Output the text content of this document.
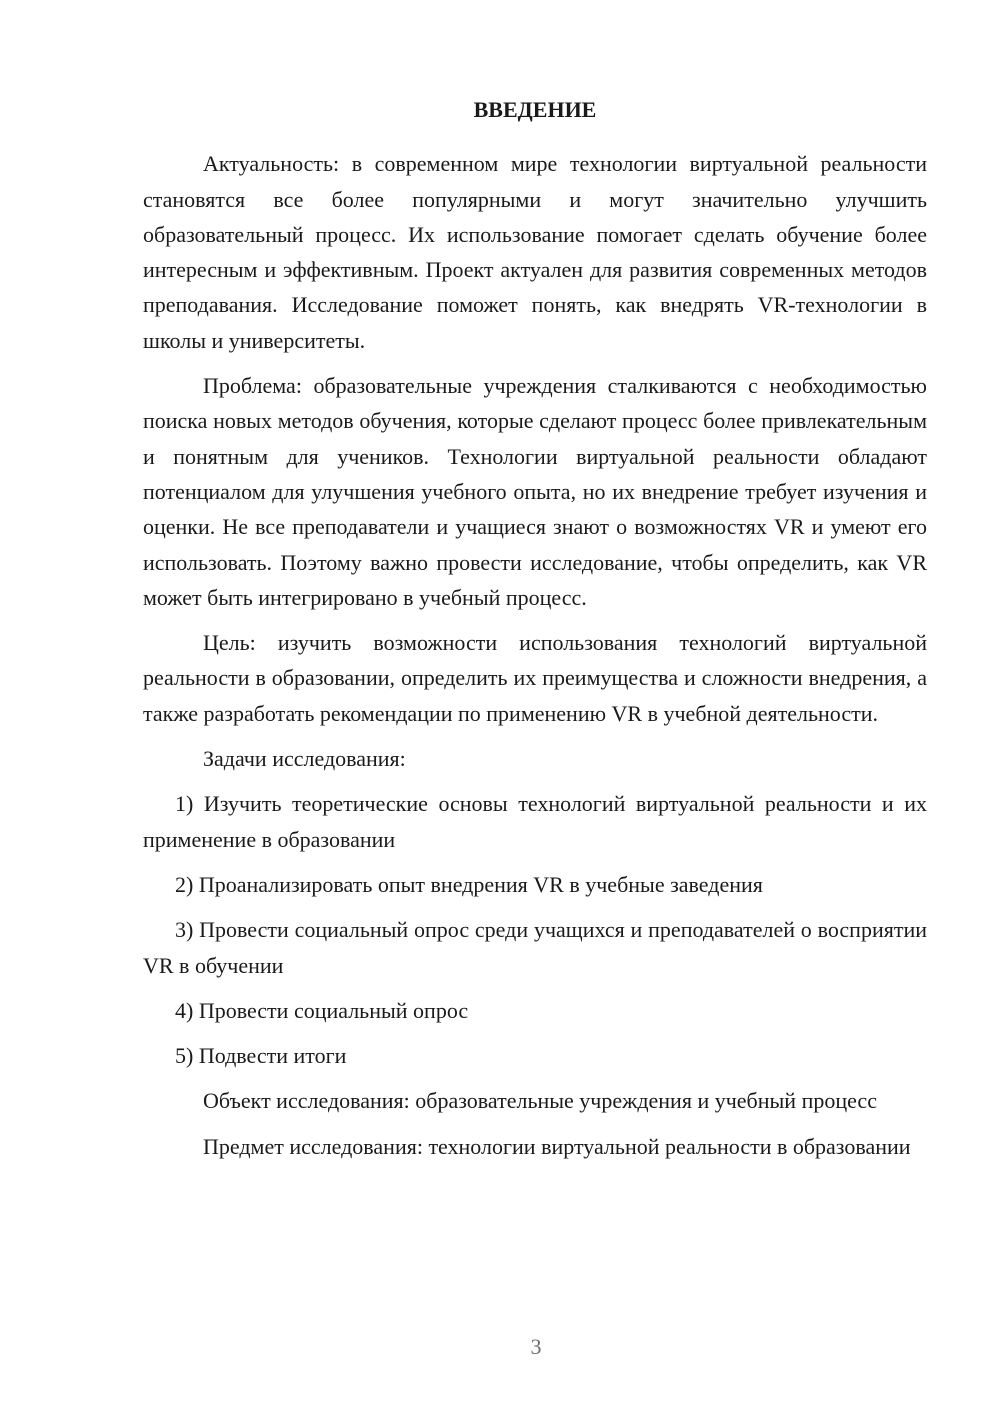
ВВЕДЕНИЕ

Актуальность: в современном мире технологии виртуальной реальности становятся все более популярными и могут значительно улучшить образовательный процесс. Их использование помогает сделать обучение более интересным и эффективным. Проект актуален для развития современных методов преподавания. Исследование поможет понять, как внедрять VR-технологии в школы и университеты.

Проблема: образовательные учреждения сталкиваются с необходимостью поиска новых методов обучения, которые сделают процесс более привлекательным и понятным для учеников. Технологии виртуальной реальности обладают потенциалом для улучшения учебного опыта, но их внедрение требует изучения и оценки. Не все преподаватели и учащиеся знают о возможностях VR и умеют его использовать. Поэтому важно провести исследование, чтобы определить, как VR может быть интегрировано в учебный процесс.

Цель: изучить возможности использования технологий виртуальной реальности в образовании, определить их преимущества и сложности внедрения, а также разработать рекомендации по применению VR в учебной деятельности.

Задачи исследования:

1) Изучить теоретические основы технологий виртуальной реальности и их применение в образовании

2) Проанализировать опыт внедрения VR в учебные заведения

3) Провести социальный опрос среди учащихся и преподавателей о восприятии VR в обучении

4) Провести социальный опрос

5) Подвести итоги

Объект исследования: образовательные учреждения и учебный процесс

Предмет исследования: технологии виртуальной реальности в образовании

3
